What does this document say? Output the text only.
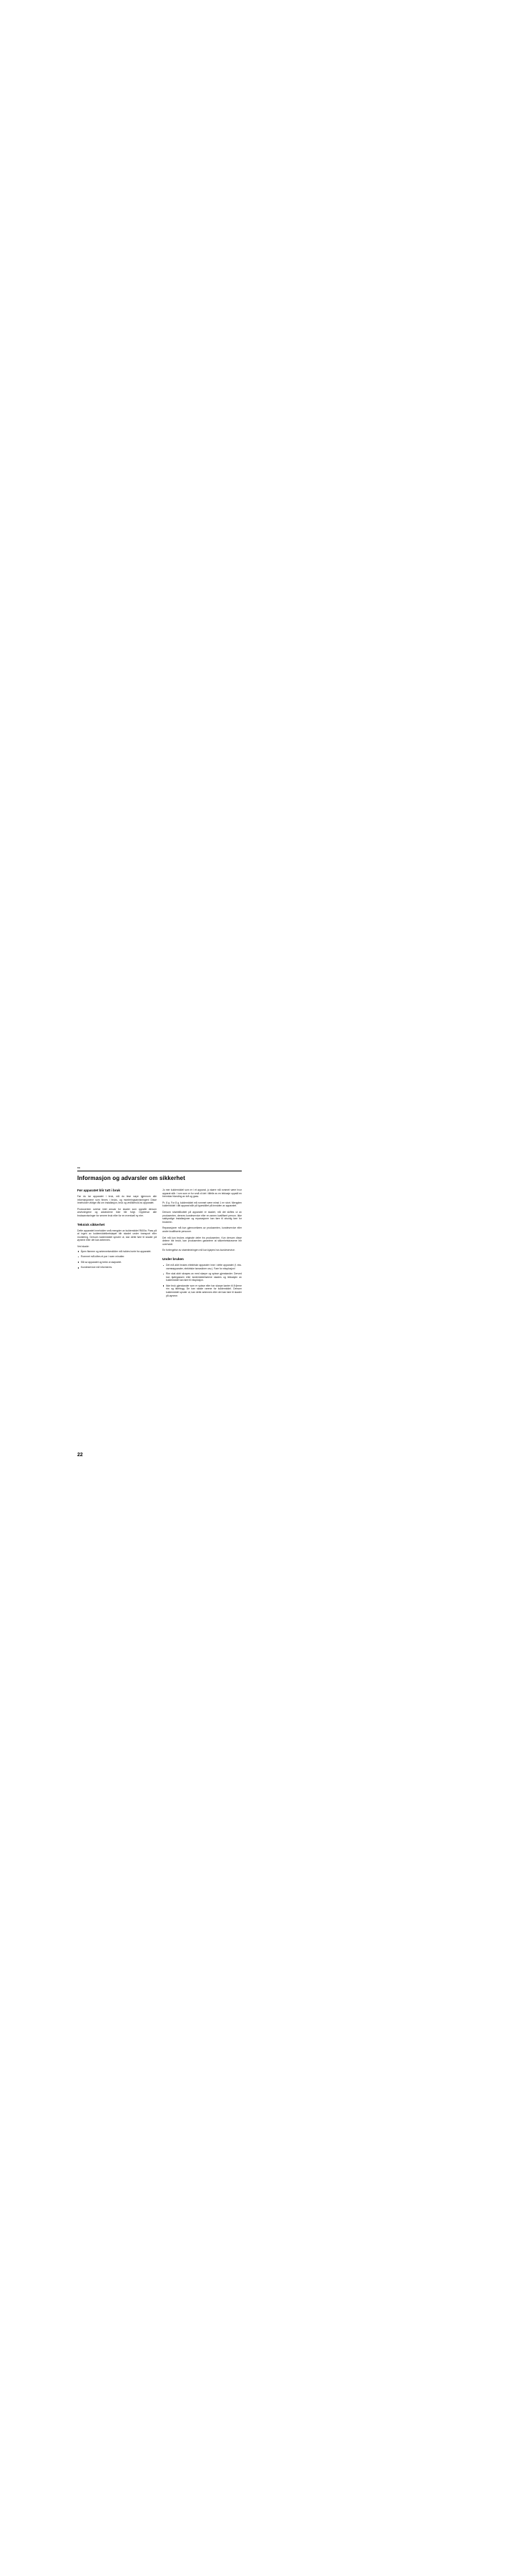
no
Informasjon og advarsler om sikkerhet
Før apparatet blir tatt i bruk

Før du tar apparatet i bruk, må du lese nøye igjennom alle informasjonene som finnes i bruks- og monteringsanvisningen! Disse inneholder viktige råd om installasjon, bruk og vedlikehold av apparatet.

Produsenten overtar intet ansvar for skader som oppstår dersom anvisningene og advarslene ikke blir fulgt. Oppbevar alle bruksanvisninger for senere bruk eller for en eventuell ny eier.

Teknisk sikkerhet

Dette apparatet inneholder små mengder av kuldemiddel R600a. Pass på at ingen av kuldemiddelkretsløpet blir skadet under transport eller montering. Dersom kuldemiddel spruter ut, kan dette føre til skader på øynene eller det kan antennes.

Ved skade:

Åpen flamme og antennelseskilder må holdes borte fra apparatet.
Rommet må luftes et par i noen minutter.
Slå av apparatet og trekk ut støpselet.
Kundeservice må informeres.

Jo mer kuldemiddel som er i et apparat, jo større må rommet være hvor apparat står. I rom som er for små vil det i tilfelle av en lekkasje oppstå en brennbar blanding av luft og gass.

Pr. 8 g. For 8 g. kuldemiddel må rommet være minst 1 m³ stort. Mengden kuldemiddel i ditt apparat står på typeskiltet på innsiden av apparatet.

Dersom strømtilkoblet på apparatet er skadet, må det skiftes ut av produsenten, dennes kundeservice eller en annen kvalifisert person. Ikke sakkyndige installasjoner og reparasjoner kan føre til alvorlig fare for brukeren.

Reparasjoner må kun gjennomføres av produsenten, kundeservice eller andre kvalifiserte personer.

Det må kun brukes originale deler fra produsenten. Kun dersom disse delene blir brukt, kan produsenten garantere at sikkerhetskravene blir overholdt.

En forlengelse av strømledningen må kun kjøpes hos kundeservice.

Under bruken
Det må aldri brukes elektriske apparater inne i dette apparatet (f. eks. varmeapparater, elektriske ismaskiner osv.). Fare for eksplosjon!
Rim skal aldri skrapes av med skarpe og spisse gjenstander. Derved kan kjølegassen eller kuldemiddelrørene skades og lekkasjen av kuldemiddel kan føre til eksplosjon.
Ikke bruk gjenstander som er spisse eller har skarpe kanter til å fjerne rim og isbelegg. De kan skade rørene for kuldemiddel. Dersom kuldemiddel spruter ut, kan dette antennes eller det kan føre til skader på øynene.
22
